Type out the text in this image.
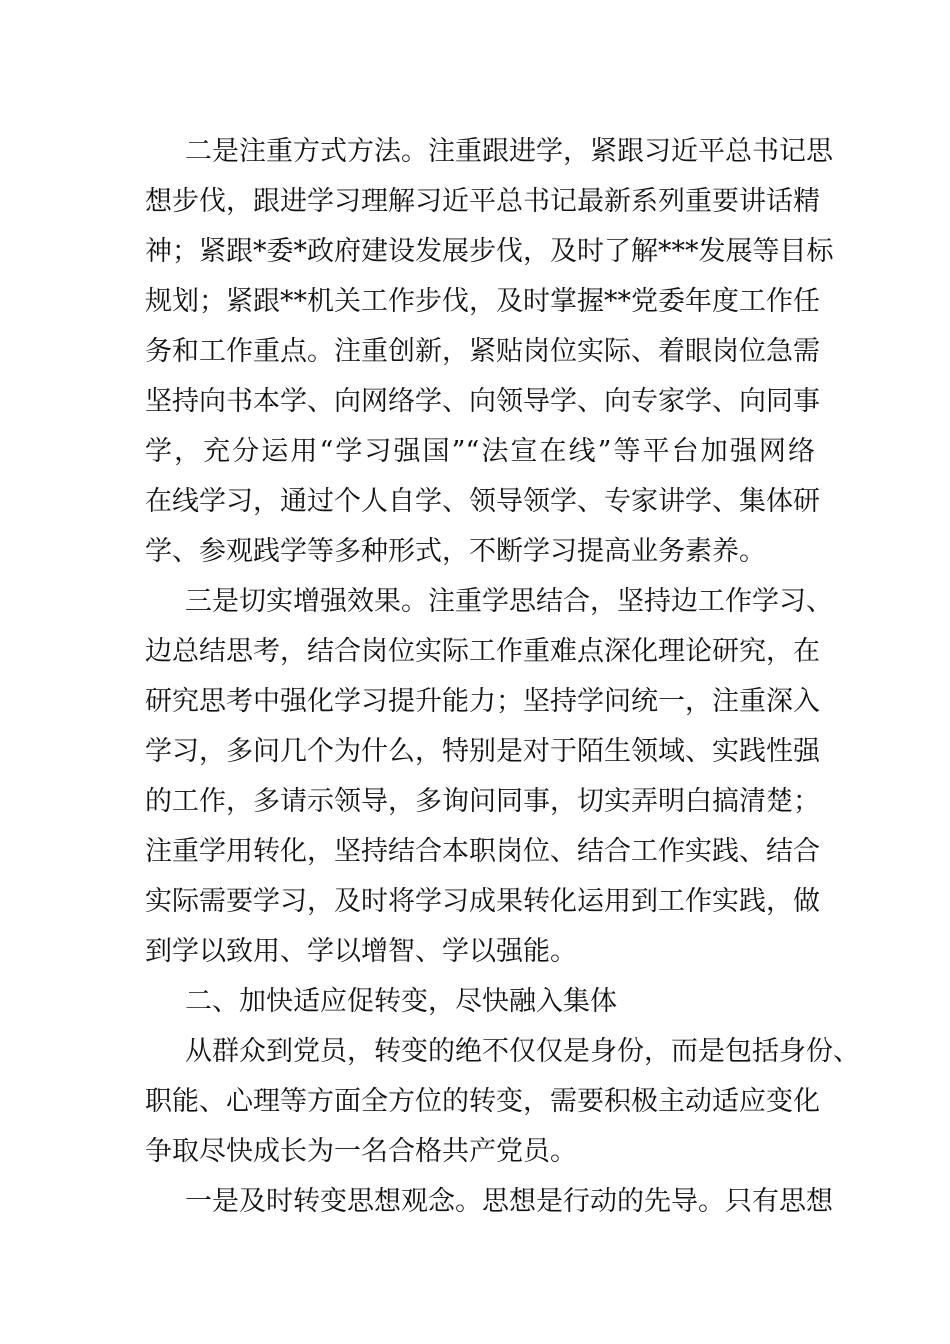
二是注重方式方法。注重跟进学，紧跟习近平总书记思
想步伐，跟进学习理解习近平总书记最新系列重要讲话精
神；紧跟*委*政府建设发展步伐，及时了解***发展等目标
规划；紧跟**机关工作步伐，及时掌握**党委年度工作任
务和工作重点。注重创新，紧贴岗位实际、着眼岗位急需
坚持向书本学、向网络学、向领导学、向专家学、向同事
学，充分运用“学习强国”“法宣在线”等平台加强网络
在线学习，通过个人自学、领导领学、专家讲学、集体研
学、参观践学等多种形式，不断学习提高业务素养。
三是切实增强效果。注重学思结合，坚持边工作学习、
边总结思考，结合岗位实际工作重难点深化理论研究，在
研究思考中强化学习提升能力；坚持学问统一，注重深入
学习，多问几个为什么，特别是对于陌生领域、实践性强
的工作，多请示领导，多询问同事，切实弄明白搞清楚；
注重学用转化，坚持结合本职岗位、结合工作实践、结合
实际需要学习，及时将学习成果转化运用到工作实践，做
到学以致用、学以增智、学以强能。
二、加快适应促转变，尽快融入集体
从群众到党员，转变的绝不仅仅是身份，而是包括身份、
职能、心理等方面全方位的转变，需要积极主动适应变化
争取尽快成长为一名合格共产党员。
一是及时转变思想观念。思想是行动的先导。只有思想
